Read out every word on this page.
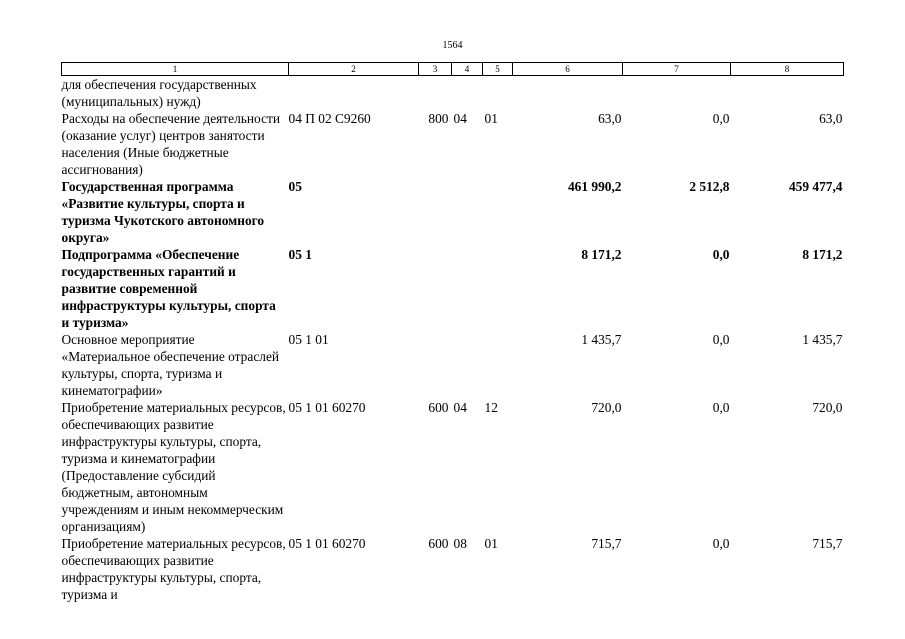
1564
1	2	3	4	5	6	7	8
для обеспечения государственных (муниципальных) нужд)							
Расходы на обеспечение деятельности (оказание услуг) центров занятости населения (Иные бюджетные ассигнования)	04 П 02 С9260	800	04	01	63,0	0,0	63,0
Государственная программа «Развитие культуры, спорта и туризма Чукотского автономного округа»	05				461 990,2	2 512,8	459 477,4
Подпрограмма «Обеспечение государственных гарантий и развитие современной инфраструктуры культуры, спорта и туризма»	05 1				8 171,2	0,0	8 171,2
Основное мероприятие «Материальное обеспечение отраслей культуры, спорта, туризма и кинематографии»	05 1 01				1 435,7	0,0	1 435,7
Приобретение материальных ресурсов, обеспечивающих развитие инфраструктуры культуры, спорта, туризма и кинематографии (Предоставление субсидий бюджетным, автономным учреждениям и иным некоммерческим организациям)	05 1 01 60270	600	04	12	720,0	0,0	720,0
Приобретение материальных ресурсов, обеспечивающих развитие инфраструктуры культуры, спорта, туризма и	05 1 01 60270	600	08	01	715,7	0,0	715,7
